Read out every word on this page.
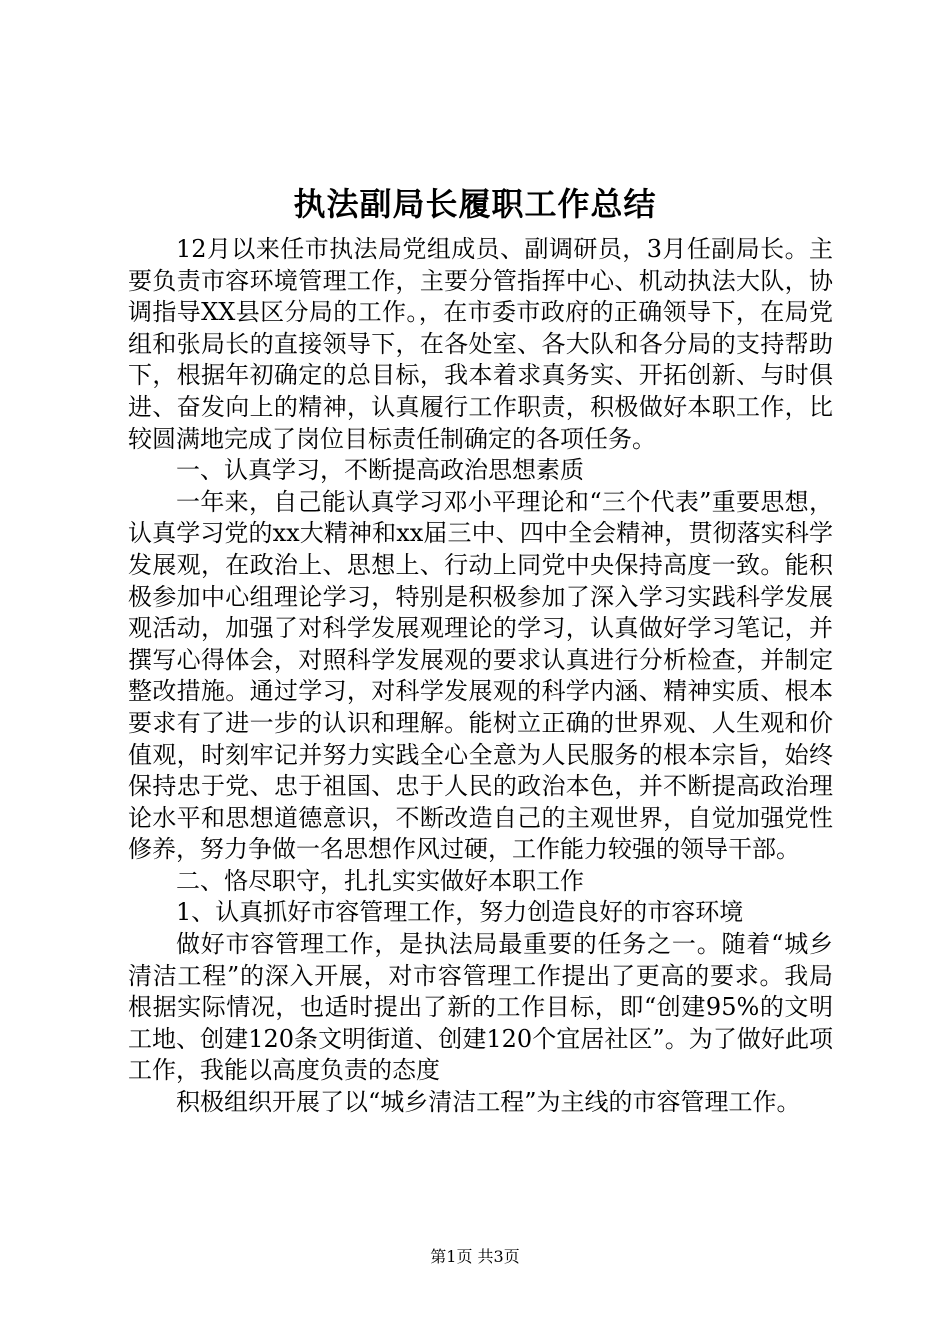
执法副局长履职工作总结

12月以来任市执法局党组成员、副调研员，3月任副局长。主要负责市容环境管理工作，主要分管指挥中心、机动执法大队，协调指导XX县区分局的工作。，在市委市政府的正确领导下，在局党组和张局长的直接领导下，在各处室、各大队和各分局的支持帮助下，根据年初确定的总目标，我本着求真务实、开拓创新、与时俱进、奋发向上的精神，认真履行工作职责，积极做好本职工作，比较圆满地完成了岗位目标责任制确定的各项任务。

一、认真学习，不断提高政治思想素质

一年来，自己能认真学习邓小平理论和“三个代表”重要思想，认真学习党的xx大精神和xx届三中、四中全会精神，贯彻落实科学发展观，在政治上、思想上、行动上同党中央保持高度一致。能积极参加中心组理论学习，特别是积极参加了深入学习实践科学发展观活动，加强了对科学发展观理论的学习，认真做好学习笔记，并撰写心得体会，对照科学发展观的要求认真进行分析检查，并制定整改措施。通过学习，对科学发展观的科学内涵、精神实质、根本要求有了进一步的认识和理解。能树立正确的世界观、人生观和价值观，时刻牢记并努力实践全心全意为人民服务的根本宗旨，始终保持忠于党、忠于祖国、忠于人民的政治本色，并不断提高政治理论水平和思想道德意识，不断改造自己的主观世界，自觉加强党性修养，努力争做一名思想作风过硬，工作能力较强的领导干部。

二、恪尽职守，扎扎实实做好本职工作

1、认真抓好市容管理工作，努力创造良好的市容环境

做好市容管理工作，是执法局最重要的任务之一。随着“城乡清洁工程”的深入开展，对市容管理工作提出了更高的要求。我局根据实际情况，也适时提出了新的工作目标，即“创建95%的文明工地、创建120条文明街道、创建120个宜居社区”。为了做好此项工作，我能以高度负责的态度

积极组织开展了以“城乡清洁工程”为主线的市容管理工作。

第1页 共3页
